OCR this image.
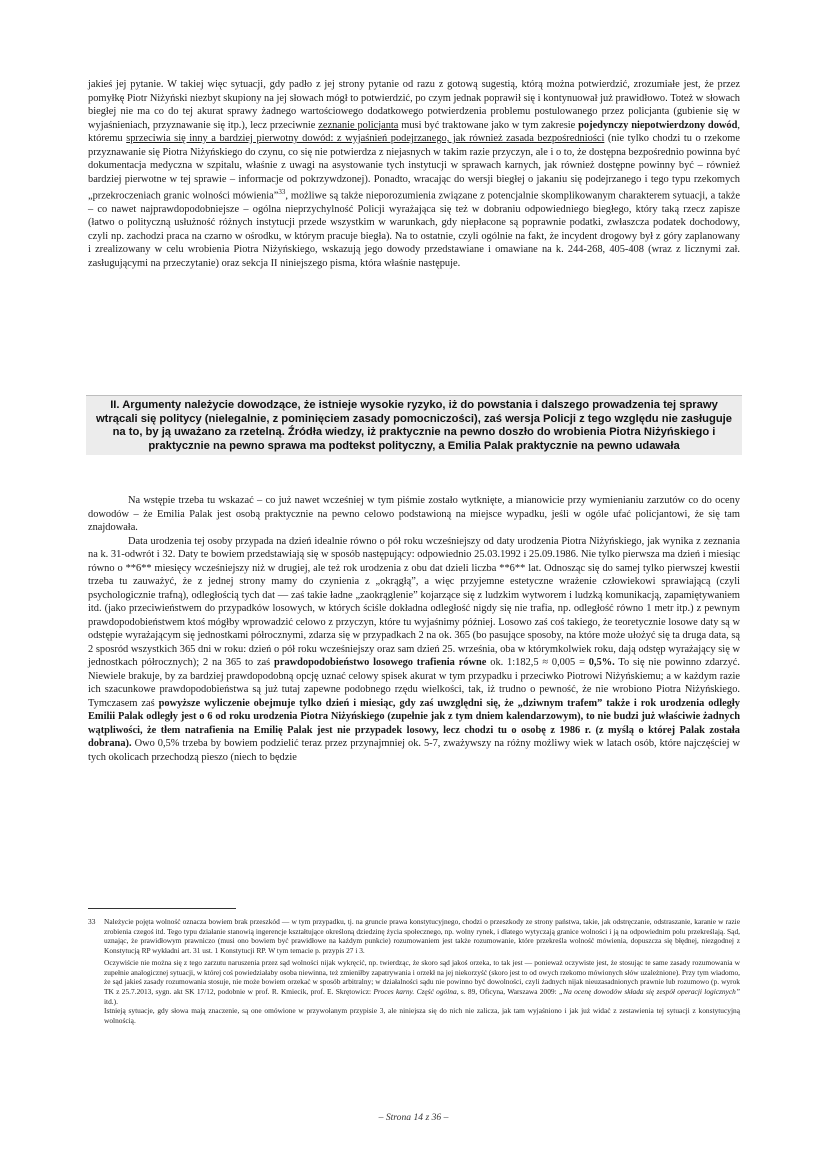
jakieś jej pytanie. W takiej więc sytuacji, gdy padło z jej strony pytanie od razu z gotową sugestią, którą można potwierdzić, zrozumiałe jest, że przez pomyłkę Piotr Niżyński niezbyt skupiony na jej słowach mógł to potwierdzić, po czym jednak poprawił się i kontynuował już prawidłowo. Toteż w słowach biegłej nie ma co do tej akurat sprawy żadnego wartościowego dodatkowego potwierdzenia problemu postulowanego przez policjanta (gubienie się w wyjaśnieniach, przyznawanie się itp.), lecz przeciwnie zeznanie policjanta musi być traktowane jako w tym zakresie pojedynczy niepotwierdzony dowód, któremu sprzeciwia się inny a bardziej pierwotny dowód: z wyjaśnień podejrzanego, jak również zasada bezpośredniości (nie tylko chodzi tu o rzekome przyznawanie się Piotra Niżyńskiego do czynu, co się nie potwierdza z niejasnych w takim razie przyczyn, ale i o to, że dostępna bezpośrednio powinna być dokumentacja medyczna w szpitalu, właśnie z uwagi na asystowanie tych instytucji w sprawach karnych, jak również dostępne powinny być – również bardziej pierwotne w tej sprawie – informacje od pokrzywdzonej). Ponadto, wracając do wersji biegłej o jakaniu się podejrzanego i tego typu rzekomych „przekroczeniach granic wolności mówienia”$^{33}$, możliwe są także nieporozumienia związane z potencjalnie skomplikowanym charakterem sytuacji, a także – co nawet najprawdopodobniejsze – ogólna nieprzychylność Policji wyrażająca się też w dobraniu odpowiedniego biegłego, który taką rzecz zapisze (łatwo o polityczną usłużność różnych instytucji przede wszystkim w warunkach, gdy niepłacone są poprawnie podatki, zwłaszcza podatek dochodowy, czyli np. zachodzi praca na czarno w ośrodku, w którym pracuje biegła). Na to ostatnie, czyli ogólnie na fakt, że incydent drogowy był z góry zaplanowany i zrealizowany w celu wrobienia Piotra Niżyńskiego, wskazują jego dowody przedstawiane i omawiane na k. 244-268, 405-408 (wraz z licznymi zał. zasługującymi na przeczytanie) oraz sekcja II niniejszego pisma, która właśnie następuje.

II. Argumenty należycie dowodzące, że istnieje wysokie ryzyko, iż do powstania i dalszego prowadzenia tej sprawy wtrącali się politycy (nielegalnie, z pominięciem zasady pomocniczości), zaś wersja Policji z tego względu nie zasługuje na to, by ją uważano za rzetelną. Źródła wiedzy, iż praktycznie na pewno doszło do wrobienia Piotra Niżyńskiego i praktycznie na pewno sprawa ma podtekst polityczny, a Emilia Palak praktycznie na pewno udawała

Na wstępie trzeba tu wskazać – co już nawet wcześniej w tym piśmie zostało wytknięte, a mianowicie przy wymienianiu zarzutów co do oceny dowodów – że Emilia Palak jest osobą praktycznie na pewno celowo podstawioną na miejsce wypadku, jeśli w ogóle ufać policjantowi, że się tam znajdowała.

Data urodzenia tej osoby przypada na dzień idealnie równo o pół roku wcześniejszy od daty urodzenia Piotra Niżyńskiego, jak wynika z zeznania na k. 31-odwrót i 32. Daty te bowiem przedstawiają się w sposób następujący: odpowiednio 25.03.1992 i 25.09.1986. Nie tylko pierwsza ma dzień i miesiąc równo o **6** miesięcy wcześniejszy niż w drugiej, ale też rok urodzenia z obu dat dzieli liczba **6** lat. Odnosząc się do samej tylko pierwszej kwestii trzeba tu zauważyć, że z jednej strony mamy do czynienia z „okrągłą”, a więc przyjemne estetyczne wrażenie człowiekowi sprawiającą (czyli psychologicznie trafną), odległością tych dat — zaś takie ładne „zaokrąglenie” kojarzące się z ludzkim wytworem i ludzką komunikacją, zapamiętywaniem itd. (jako przeciwieństwem do przypadków losowych, w których ściśle dokładna odległość nigdy się nie trafia, np. odległość równo 1 metr itp.) z pewnym prawdopodobieństwem ktoś mógłby wprowadzić celowo z przyczyn, które tu wyjaśnimy później. Losowo zaś coś takiego, że teoretycznie losowe daty są w odstępie wyrażającym się jednostkami półrocznymi, zdarza się w przypadkach 2 na ok. 365 (bo pasujące sposoby, na które może ułożyć się ta druga data, są 2 sposród wszystkich 365 dni w roku: dzień o pół roku wcześniejszy oraz sam dzień 25. września, oba w którymkolwiek roku, dają odstęp wyrażający się w jednostkach półrocznych); 2 na 365 to zaś prawdopodobieństwo losowego trafienia równe ok. 1:182,5 ≈ 0,005 = 0,5%. To się nie powinno zdarzyć. Niewiele brakuje, by za bardziej prawdopodobną opcję uznać celowy spisek akurat w tym przypadku i przeciwko Piotrowi Niżyńskiemu; a w każdym razie ich szacunkowe prawdopodobieństwa są już tutaj zapewne podobnego rzędu wielkości, tak, iż trudno o pewność, że nie wrobiono Piotra Niżyńskiego. Tymczasem zaś powyższe wyliczenie obejmuje tylko dzień i miesiąc, gdy zaś uwzględni się, że „dziwnym trafem” także i rok urodzenia odległy Emilii Palak odległy jest o 6 od roku urodzenia Piotra Niżyńskiego (zupełnie jak z tym dniem kalendarzowym), to nie budzi już właściwie żadnych wątpliwości, że tłem natrafienia na Emilię Palak jest nie przypadek losowy, lecz chodzi tu o osobę z 1986 r. (z myślą o której Palak została dobrana). Owo 0,5% trzeba by bowiem podzielić teraz przez przynajmniej ok. 5-7, zważywszy na różny możliwy wiek w latach osób, które najczęściej w tych okolicach przechodzą pieszo (niech to będzie

33 Należycie pojęta wolność oznacza bowiem brak przeszkód — w tym przypadku, tj. na gruncie prawa konstytucyjnego, chodzi o przeszkody ze strony państwa, takie, jak odstręczanie, odstraszanie, karanie w razie zrobienia czegoś itd. Tego typu działanie stanowią ingerencje kształtujące określoną dziedzinę życia społecznego, np. wolny rynek, i dlatego wytyczają granice wolności i ją na odpowiednim polu przekreślają. Sąd, uznając, że prawidłowym prawniczo (musi ono bowiem być prawidłowe na każdym punkcie) rozumowaniem jest także rozumowanie, które przekreśla wolność mówienia, dopuszcza się błędnej, niezgodnej z Konstytucją RP wykładni art. 31 ust. 1 Konstytucji RP. W tym temacie p. przypis 27 i 3.

Oczywiście nie można się z tego zarzutu naruszenia przez sąd wolności nijak wykręcić, np. twierdząc, że skoro sąd jakoś orzeka, to tak jest — ponieważ oczywiste jest, że stosując te same zasady rozumowania w zupełnie analogicznej sytuacji, w której coś powiedziałaby osoba niewinna, też zmieniłby zapatrywania i orzekł na jej niekorzyść (skoro jest to od owych rzekomo mówionych słów uzależnione). Przy tym wiadomo, że sąd jakieś zasady rozumowania stosuje, nie może bowiem orzekać w sposób arbitralny; w działalności sądu nie powinno być dowolności, czyli żadnych nijak nieuzasadnionych prawnie lub rozumowo (p. wyrok TK z 25.7.2013, sygn. akt SK 17/12, podobnie w prof. R. Kmiecik, prof. E. Skrętowicz: Proces karny. Część ogólna, s. 89, Oficyna, Warszawa 2009: „Na ocenę dowodów składa się zespół operacji logicznych” itd.).

Istnieją sytuacje, gdy słowa mają znaczenie, są one omówione w przywołanym przypisie 3, ale niniejsza się do nich nie zalicza, jak tam wyjaśniono i jak już widać z zestawienia tej sytuacji z konstytucyjną wolnością.

– Strona 14 z 36 –
